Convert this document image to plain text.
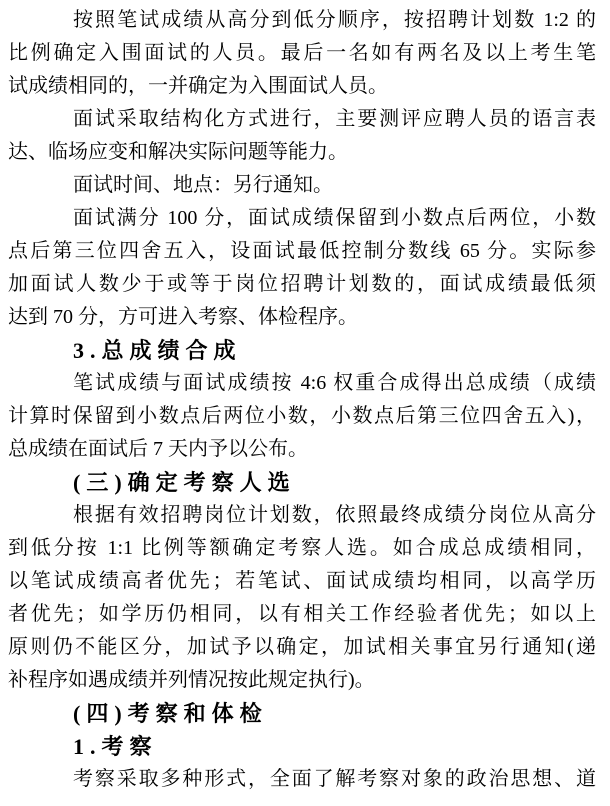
按照笔试成绩从高分到低分顺序，按招聘计划数 1:2 的
比例确定入围面试的人员。最后一名如有两名及以上考生笔
试成绩相同的，一并确定为入围面试人员。
面试采取结构化方式进行，主要测评应聘人员的语言表
达、临场应变和解决实际问题等能力。
面试时间、地点：另行通知。
面试满分 100 分，面试成绩保留到小数点后两位，小数
点后第三位四舍五入，设面试最低控制分数线 65 分。实际参
加面试人数少于或等于岗位招聘计划数的，面试成绩最低须
达到 70 分，方可进入考察、体检程序。
3.总成绩合成
笔试成绩与面试成绩按 4:6 权重合成得出总成绩（成绩
计算时保留到小数点后两位小数，小数点后第三位四舍五入)，
总成绩在面试后 7 天内予以公布。
(三)确定考察人选
根据有效招聘岗位计划数，依照最终成绩分岗位从高分
到低分按 1:1 比例等额确定考察人选。如合成总成绩相同，
以笔试成绩高者优先；若笔试、面试成绩均相同，以高学历
者优先；如学历仍相同，以有相关工作经验者优先；如以上
原则仍不能区分，加试予以确定，加试相关事宜另行通知(递
补程序如遇成绩并列情况按此规定执行)。
(四)考察和体检
1.考察
考察采取多种形式，全面了解考察对象的政治思想、道
